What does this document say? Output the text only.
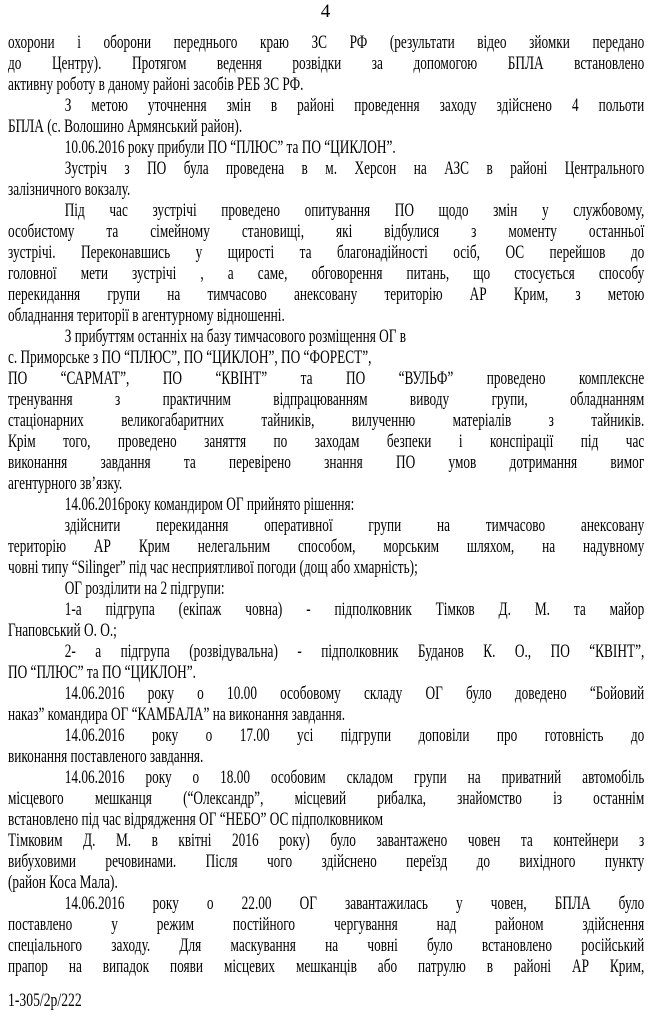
4
охорони і оборони переднього краю ЗС РФ (результати відео зйомки передано
до Центру). Протягом ведення розвідки за допомогою БПЛА встановлено
активну роботу в даному районі засобів РЕБ ЗС РФ.
З метою уточнення змін в районі проведення заходу здійснено 4 польоти
БПЛА (с. Волошино Армянський район).
10.06.2016 року прибули ПО “ПЛЮС” та ПО “ЦИКЛОН”.
Зустріч з ПО була проведена в м. Херсон на АЗС в районі Центрального
залізничного вокзалу.
Під час зустрічі проведено опитування ПО щодо змін у службовому,
особистому та сімейному становищі, які відбулися з моменту останньої
зустрічі. Переконавшись у щирості та благонадійності осіб, ОС перейшов до
головної мети зустрічі , а саме, обговорення питань, що стосується способу
перекидання групи на тимчасово анексовану територію АР Крим, з метою
обладнання території в агентурному відношенні.
З прибуттям останніх на базу тимчасового розміщення ОГ в
с. Приморське з ПО “ПЛЮС”, ПО “ЦИКЛОН”, ПО “ФОРЕСТ”,
ПО “САРМАТ”, ПО “КВІНТ” та ПО “ВУЛЬФ” проведено комплексне
тренування з практичним відпрацюванням виводу групи, обладнанням
стаціонарних великогабаритних тайників, вилученню матеріалів з тайників.
Крім того, проведено заняття по заходам безпеки і конспірації під час
виконання завдання та перевірено знання ПО умов дотримання вимог
агентурного зв’язку.
14.06.2016року командиром ОГ прийнято рішення:
здійснити перекидання оперативної групи на тимчасово анексовану
територію АР Крим нелегальним способом, морським шляхом, на надувному
човні типу “Silinger” під час несприятливої погоди (дощ або хмарність);
ОГ розділити на 2 підгрупи:
1-а підгрупа (екіпаж човна) - підполковник Тімков Д. М. та майор
Гнаповський О. О.;
2- а підгрупа (розвідувальна) - підполковник Буданов К. О., ПО “КВІНТ”,
ПО “ПЛЮС” та ПО “ЦИКЛОН”.
14.06.2016 року о 10.00 особовому складу ОГ було доведено “Бойовий
наказ” командира ОГ “КАМБАЛА” на виконання завдання.
14.06.2016 року о 17.00 усі підгрупи доповіли про готовність до
виконання поставленого завдання.
14.06.2016 року о 18.00 особовим складом групи на приватний автомобіль
місцевого мешканця (“Олександр”, місцевий рибалка, знайомство із останнім
встановлено під час відрядження ОГ “НЕБО” ОС підполковником
Тімковим Д. М. в квітні 2016 року) було завантажено човен та контейнери з
вибуховими речовинами. Після чого здійснено переїзд до вихідного пункту
(район Коса Мала).
14.06.2016 року о 22.00 ОГ завантажилась у човен, БПЛА було
поставлено у режим постійного чергування над районом здійснення
спеціального заходу. Для маскування на човні було встановлено російський
прапор на випадок появи місцевих мешканців або патрулю в районі АР Крим,
1-305/2р/222
